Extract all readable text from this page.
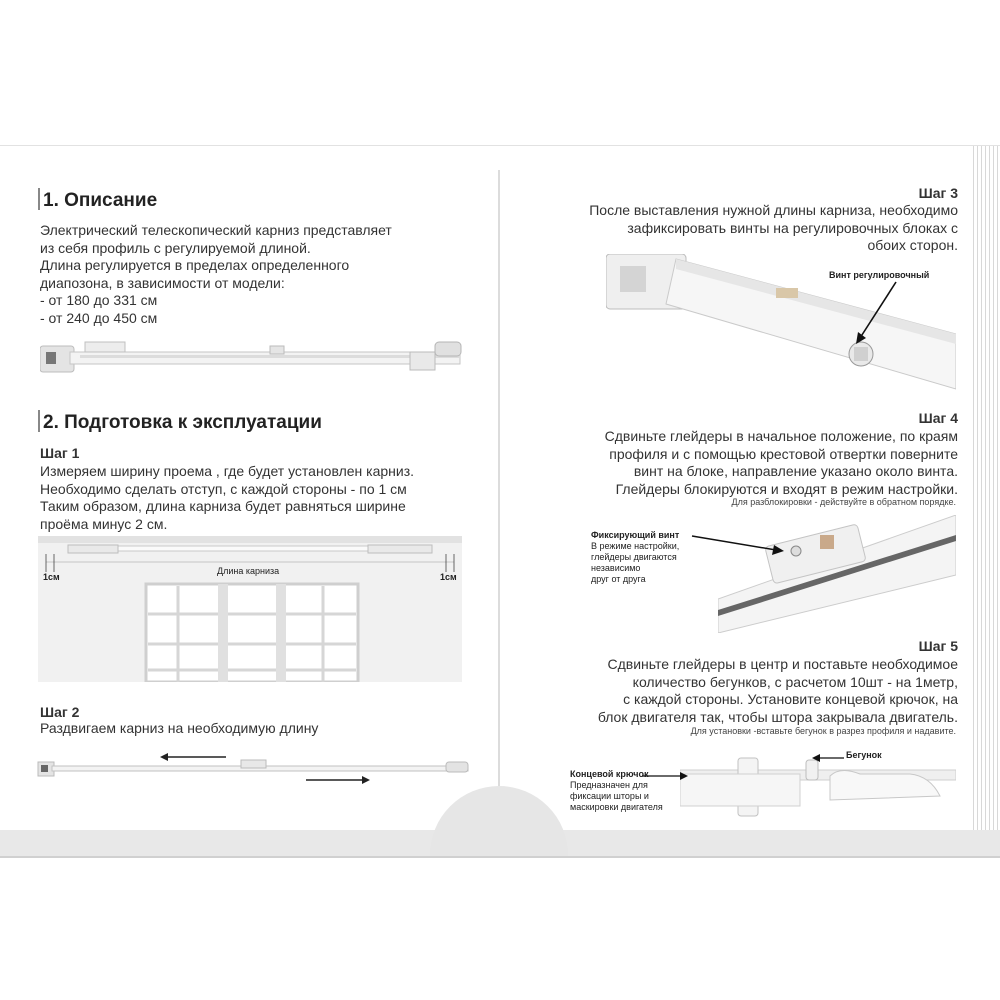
1. Описание
Электрический телескопический карниз представляет
из себя профиль с регулируемой длиной.
Длина регулируется в пределах определенного
диапозона, в зависимости от модели:
- от 180 до 331 см
- от 240 до 450 см
2. Подготовка к эксплуатации
Шаг 1
Измеряем ширину проема , где будет установлен карниз.
Необходимо сделать отступ, с каждой стороны - по 1 см
Таким образом, длина карниза будет равняться ширине
проёма минус 2 см.
1см
Длина карниза
1см
Шаг 2
Раздвигаем карниз на необходимую длину
Шаг 3
После выставления нужной длины карниза, необходимо
зафиксировать винты на регулировочных блоках с
обоих сторон.
Винт регулировочный
Шаг 4
Сдвиньте глейдеры в начальное положение, по краям
профиля и с помощью крестовой отвертки поверните
винт на блоке, направление указано около винта.
Глейдеры блокируются и входят в режим настройки.
Для разблокировки - действуйте в обратном порядке.
Фиксирующий винт
В режиме настройки,
глейдеры двигаются
независимо
друг от друга
Шаг 5
Сдвиньте глейдеры в центр и поставьте необходимое
количество бегунков, с расчетом 10шт - на 1метр,
с каждой стороны. Установите концевой крючок, на
блок двигателя так, чтобы штора закрывала двигатель.
Для установки -вставьте бегунок в разрез профиля и надавите.
Бегунок
Концевой крючок
Предназначен для
фиксации шторы и
маскировки двигателя
